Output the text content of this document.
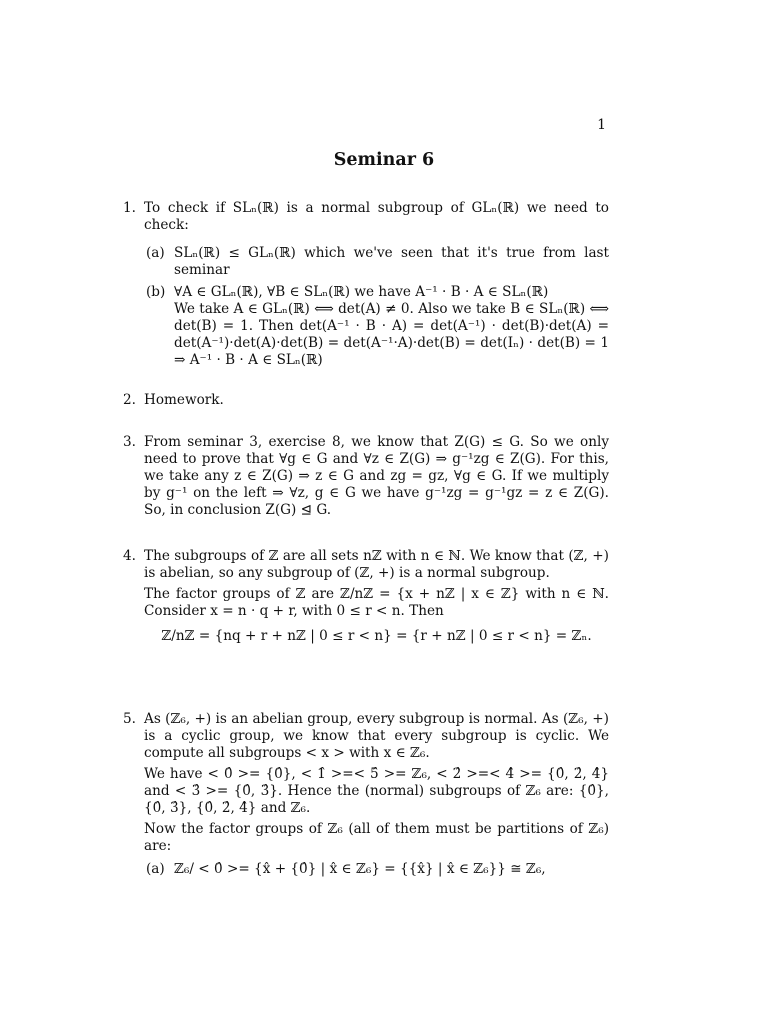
1
Seminar 6
1. To check if SLₙ(ℝ) is a normal subgroup of GLₙ(ℝ) we need to check:

(a) SLₙ(ℝ) ≤ GLₙ(ℝ) which we've seen that it's true from last seminar
(b) ∀A ∈ GLₙ(ℝ), ∀B ∈ SLₙ(ℝ) we have A⁻¹ · B · A ∈ SLₙ(ℝ)
We take A ∈ GLₙ(ℝ) ⟺ det(A) ≠ 0. Also we take B ∈ SLₙ(ℝ) ⟺ det(B) = 1. Then det(A⁻¹ · B · A) = det(A⁻¹) · det(B)·det(A) = det(A⁻¹)·det(A)·det(B) = det(A⁻¹·A)·det(B) = det(Iₙ) · det(B) = 1 ⇒ A⁻¹ · B · A ∈ SLₙ(ℝ)
2. Homework.

3. From seminar 3, exercise 8, we know that Z(G) ≤ G. So we only need to prove that ∀g ∈ G and ∀z ∈ Z(G) ⇒ g⁻¹zg ∈ Z(G). For this, we take any z ∈ Z(G) ⇒ z ∈ G and zg = gz, ∀g ∈ G. If we multiply by g⁻¹ on the left ⇒ ∀z, g ∈ G we have g⁻¹zg = g⁻¹gz = z ∈ Z(G). So, in conclusion Z(G) ⊴ G.

4. The subgroups of ℤ are all sets nℤ with n ∈ ℕ. We know that (ℤ, +) is abelian, so any subgroup of (ℤ, +) is a normal subgroup.

The factor groups of ℤ are ℤ/nℤ = {x + nℤ | x ∈ ℤ} with n ∈ ℕ. Consider x = n · q + r, with 0 ≤ r < n. Then

ℤ/nℤ = {nq + r + nℤ | 0 ≤ r < n} = {r + nℤ | 0 ≤ r < n} = ℤₙ.
5. As (ℤ₆, +) is an abelian group, every subgroup is normal. As (ℤ₆, +) is a cyclic group, we know that every subgroup is cyclic. We compute all subgroups < x > with x ∈ ℤ₆.

We have < 0̂ >= {0̂}, < 1̂ >=< 5̂ >= ℤ₆, < 2̂ >=< 4̂ >= {0̂, 2̂, 4̂} and < 3̂ >= {0̂, 3̂}. Hence the (normal) subgroups of ℤ₆ are: {0̂}, {0̂, 3̂}, {0̂, 2̂, 4̂} and ℤ₆.

Now the factor groups of ℤ₆ (all of them must be partitions of ℤ₆) are:

(a) ℤ₆/ < 0̂ >= {x̂ + {0̂} | x̂ ∈ ℤ₆} = {{x̂} | x̂ ∈ ℤ₆}} ≅ ℤ₆,
